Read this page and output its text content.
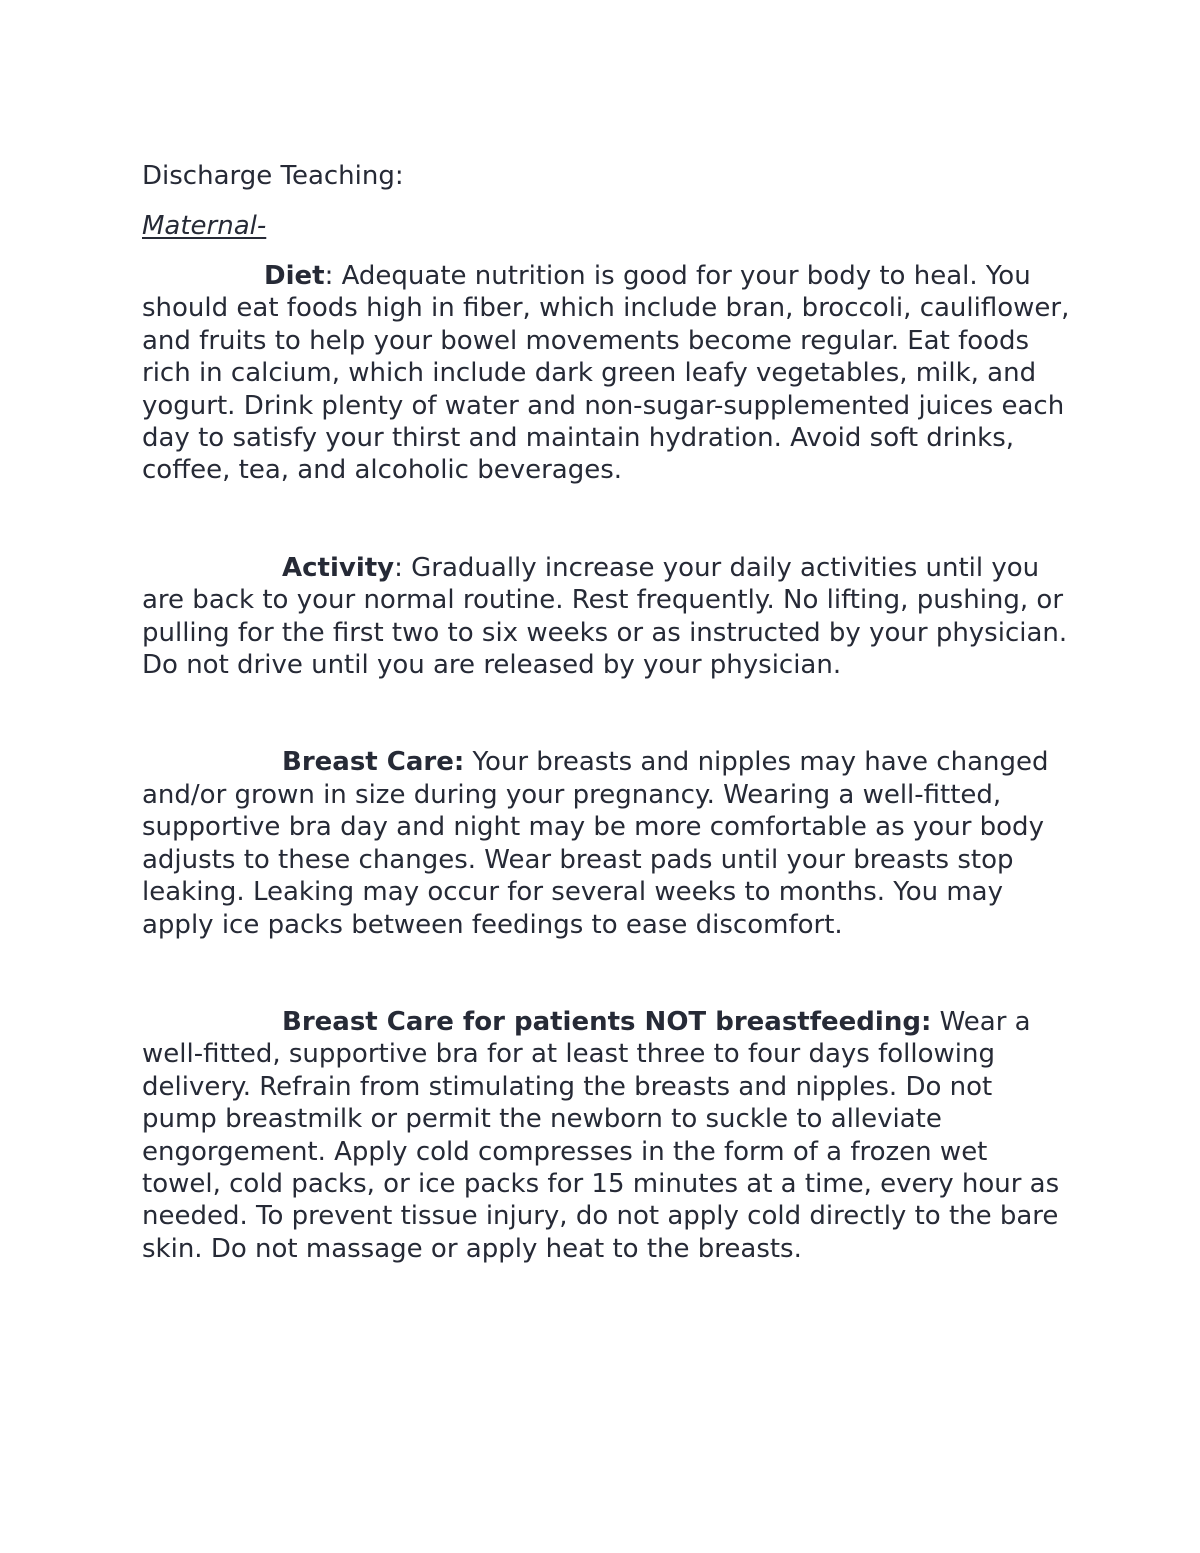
Discharge Teaching:

Maternal-

Diet: Adequate nutrition is good for your body to heal. You should eat foods high in fiber, which include bran, broccoli, cauliflower, and fruits to help your bowel movements become regular. Eat foods rich in calcium, which include dark green leafy vegetables, milk, and yogurt. Drink plenty of water and non-sugar-supplemented juices each day to satisfy your thirst and maintain hydration. Avoid soft drinks, coffee, tea, and alcoholic beverages.

Activity: Gradually increase your daily activities until you are back to your normal routine. Rest frequently. No lifting, pushing, or pulling for the first two to six weeks or as instructed by your physician. Do not drive until you are released by your physician.

Breast Care: Your breasts and nipples may have changed and/or grown in size during your pregnancy. Wearing a well-fitted, supportive bra day and night may be more comfortable as your body adjusts to these changes. Wear breast pads until your breasts stop leaking. Leaking may occur for several weeks to months. You may apply ice packs between feedings to ease discomfort.

Breast Care for patients NOT breastfeeding: Wear a well-fitted, supportive bra for at least three to four days following delivery. Refrain from stimulating the breasts and nipples. Do not pump breastmilk or permit the newborn to suckle to alleviate engorgement. Apply cold compresses in the form of a frozen wet towel, cold packs, or ice packs for 15 minutes at a time, every hour as needed. To prevent tissue injury, do not apply cold directly to the bare skin. Do not massage or apply heat to the breasts.
